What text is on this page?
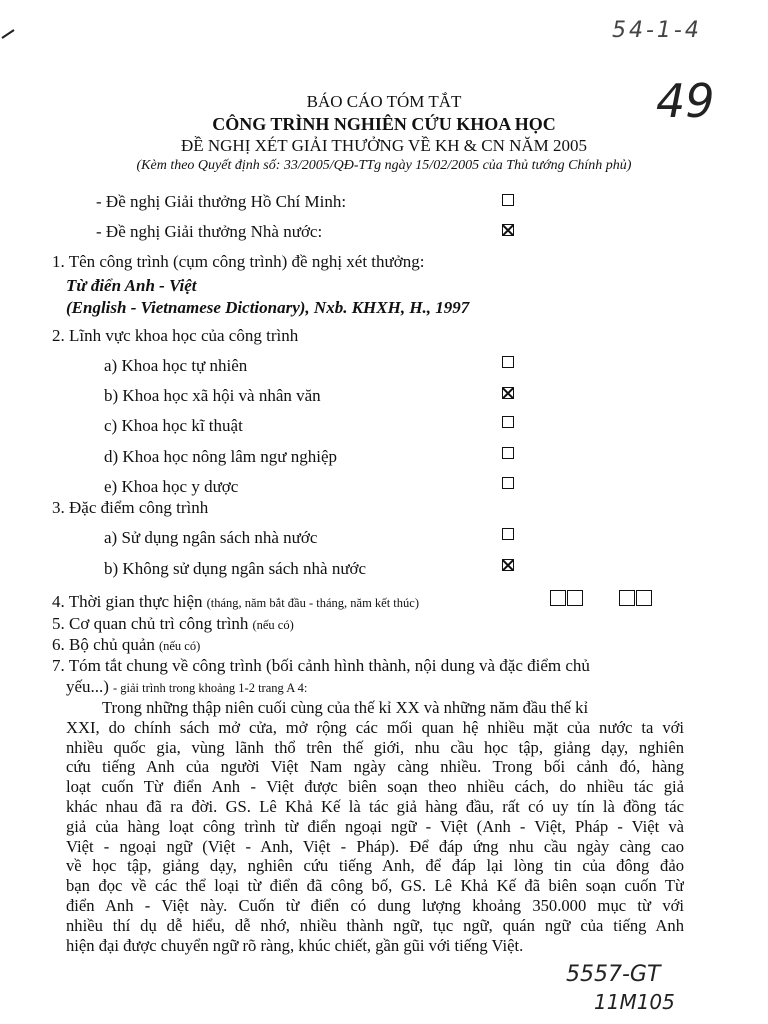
54-1-4
49
BÁO CÁO TÓM TẮT
CÔNG TRÌNH NGHIÊN CỨU KHOA HỌC
ĐỀ NGHỊ XÉT GIẢI THƯỞNG VỀ KH & CN NĂM 2005
(Kèm theo Quyết định số: 33/2005/QĐ-TTg ngày 15/02/2005 của Thủ tướng Chính phủ)
- Đề nghị Giải thưởng Hồ Chí Minh:
- Đề nghị Giải thưởng Nhà nước:
1. Tên công trình (cụm công trình) đề nghị xét thưởng:
Từ điển Anh - Việt
(English - Vietnamese Dictionary), Nxb. KHXH, H., 1997
2. Lĩnh vực khoa học của công trình
a) Khoa học tự nhiên
b) Khoa học xã hội và nhân văn
c) Khoa học kĩ thuật
d) Khoa học nông lâm ngư nghiệp
e) Khoa học y dược
3. Đặc điểm công trình
a) Sử dụng ngân sách nhà nước
b) Không sử dụng ngân sách nhà nước
4. Thời gian thực hiện (tháng, năm bắt đầu - tháng, năm kết thúc)
5. Cơ quan chủ trì công trình (nếu có)
6. Bộ chủ quản (nếu có)
7. Tóm tắt chung về công trình (bối cảnh hình thành, nội dung và đặc điểm chủ
yếu...) - giải trình trong khoảng 1-2 trang A 4:
Trong những thập niên cuối cùng của thế kỉ XX và những năm đầu thế kỉ
XXI, do chính sách mở cửa, mở rộng các mối quan hệ nhiều mặt của nước ta với
nhiều quốc gia, vùng lãnh thổ trên thế giới, nhu cầu học tập, giảng dạy, nghiên
cứu tiếng Anh của người Việt Nam ngày càng nhiều. Trong bối cảnh đó, hàng
loạt cuốn Từ điển Anh - Việt được biên soạn theo nhiều cách, do nhiều tác giả
khác nhau đã ra đời. GS. Lê Khả Kế là tác giả hàng đầu, rất có uy tín là đồng tác
giả của hàng loạt công trình từ điển ngoại ngữ - Việt (Anh - Việt, Pháp - Việt và
Việt - ngoại ngữ (Việt - Anh, Việt - Pháp). Để đáp ứng nhu cầu ngày càng cao
về học tập, giảng dạy, nghiên cứu tiếng Anh, để đáp lại lòng tin của đông đảo
bạn đọc về các thể loại từ điển đã công bố, GS. Lê Khả Kế đã biên soạn cuốn Từ
điển Anh - Việt này. Cuốn từ điển có dung lượng khoảng 350.000 mục từ với
nhiều thí dụ dễ hiểu, dễ nhớ, nhiều thành ngữ, tục ngữ, quán ngữ của tiếng Anh
hiện đại được chuyển ngữ rõ ràng, khúc chiết, gần gũi với tiếng Việt.
5557-GT
11M105
